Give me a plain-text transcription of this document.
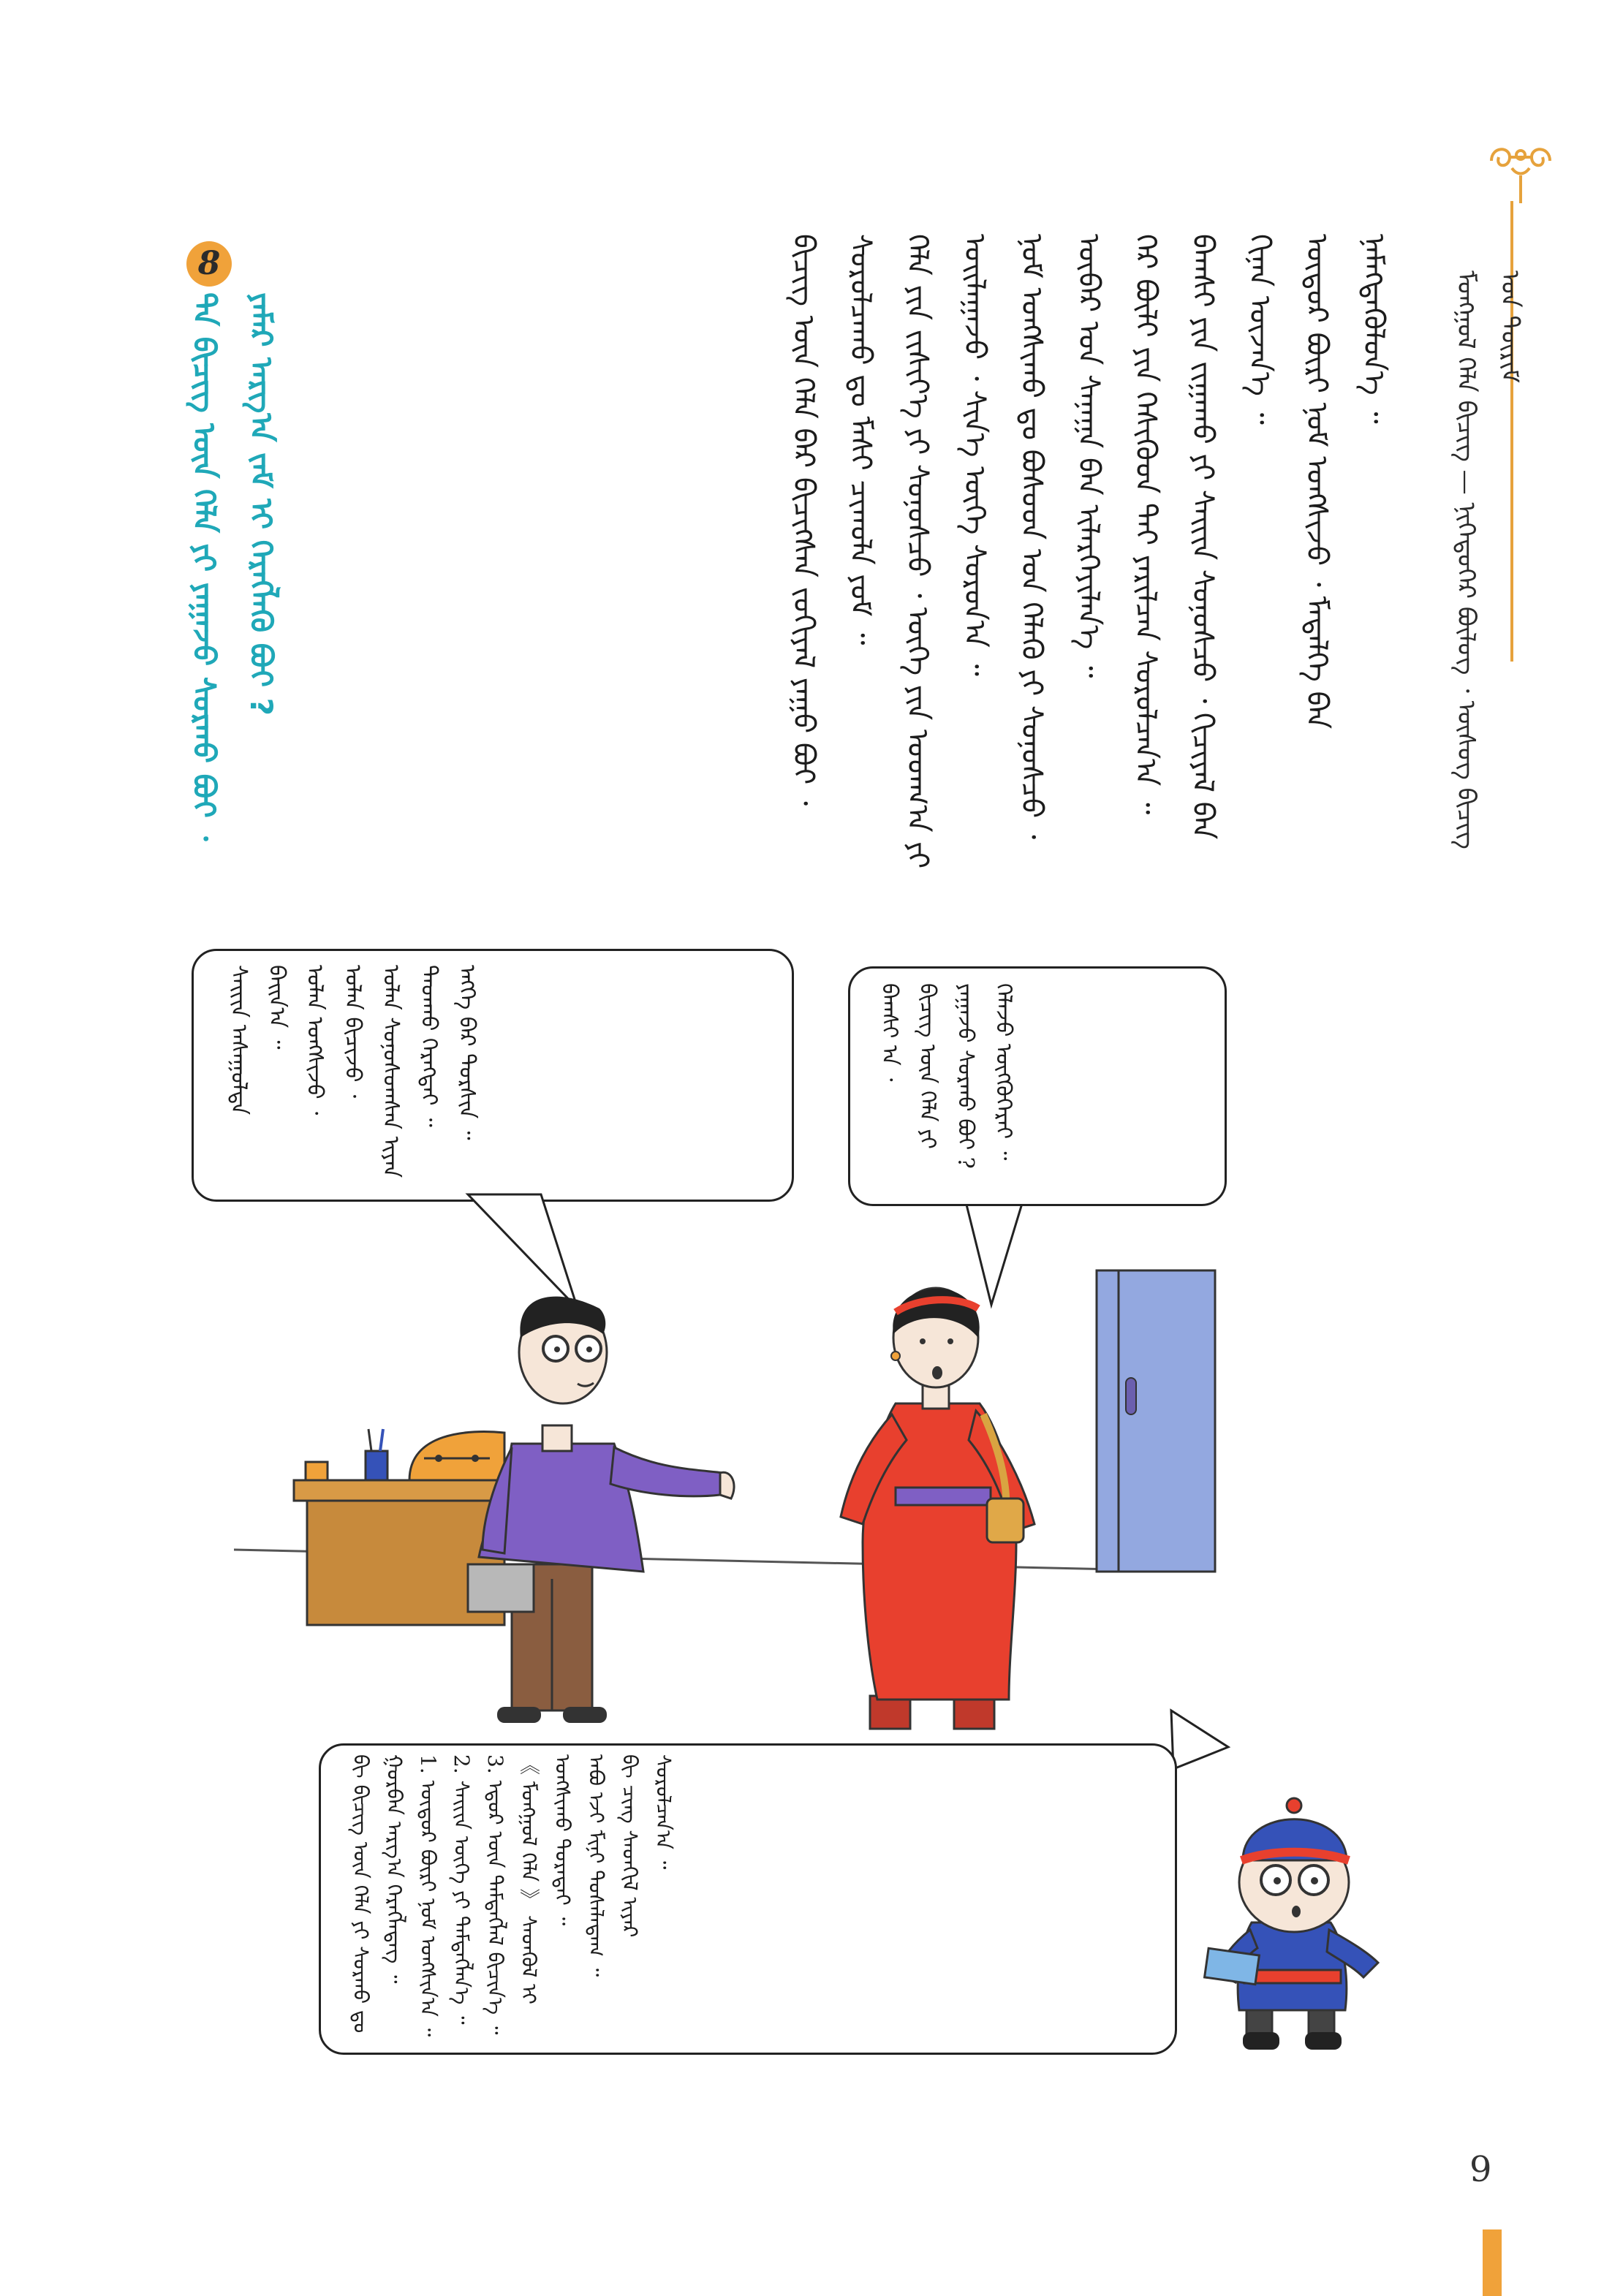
ᠮᠣᠩᠭᠣᠯ ᠬᠡᠯᠡ ᠪᠢᠴᠢᠭ — ᠨᠢᠭᠡᠳᠦᠭᠡᠷ ᠪᠦᠯᠦᠭ ᠂ ᠦᠰᠦᠭ ᠪᠢᠴᠢᠭ ᠤᠨ ᠳᠦᠷᠢᠮ

ᠪᠢᠴᠢᠭ ᠦᠨ ᠬᠡᠯᠡ ᠪᠡᠷ ᠪᠢᠴᠢᠭᠰᠡᠨ ᠵᠣᠬᠢᠶᠠᠯ ᠶᠠᠭᠤ ᠪᠣᠢ ᠂ ᠰᠤᠷᠤᠯᠴᠠᠬᠤ ᠳᠤ ᠮᠠᠰᠢ ᠴᠢᠬᠤᠯᠠ ᠶᠤᠮ ᠃ ᠬᠡᠯᠡ ᠶᠢᠨ ᠵᠢᠱᠢᠶ᠎ᠡ ᠶᠢ ᠰᠣᠨᠣᠰᠴᠤ ᠂ ᠦᠭᠡ ᠶᠢᠨ ᠤᠳᠬ᠎ᠠ ᠶᠢ ᠣᠢᠯᠠᠭᠠᠵᠤ ᠂ ᠰᠢᠨ᠎ᠡ ᠦᠭᠡ ᠰᠤᠷᠤᠨ᠎ᠠ ᠃ ᠨᠤᠮ ᠤᠩᠰᠢᠬᠤ ᠳᠤ ᠪᠤᠰᠤᠳ ᠤᠨ ᠬᠡᠯᠡᠬᠦ ᠶᠢ ᠰᠣᠨᠣᠰᠴᠤ ᠂ ᠥᠪᠡᠷ ᠤᠨ ᠰᠠᠨᠠᠭᠠ ᠪᠠᠨ ᠢᠯᠡᠷᠬᠡᠶᠢᠯᠡᠨ᠎ᠡ ᠃ ᠭᠡᠷ ᠪᠦᠯᠢ ᠶᠢᠨ ᠭᠡᠰᠢᠭᠦᠳ ᠲᠡᠢ ᠶᠠᠷᠢᠯᠴᠠᠨ ᠰᠤᠷᠤᠯᠴᠠᠨ᠎ᠠ ᠃ ᠪᠠᠭᠰᠢ ᠶᠢᠨ ᠵᠢᠭᠠᠬᠤ ᠶᠢ ᠰᠠᠢᠢᠨ ᠰᠣᠨᠣᠰᠴᠤ ᠂ ᠬᠢᠴᠢᠶᠡᠯ ᠪᠡᠨ ᠬᠢᠨᠠᠨ ᠦᠵᠡᠨ᠎ᠡ ᠃ ᠥᠳᠥᠷ ᠪᠦᠷᠢ ᠨᠣᠮ ᠤᠩᠰᠢᠵᠤ ᠂ ᠮᠡᠳᠡᠯᠭᠡ ᠪᠡᠨ ᠨᠡᠮᠡᠭᠳᠡᠭᠦᠯᠦᠨ᠎ᠡ ᠃

8

ᠲᠠ ᠪᠢᠴᠢᠭ ᠦᠨ ᠬᠡᠯᠡ ᠶᠢ ᠶᠠᠭᠠᠵᠤ ᠰᠤᠷᠬᠤ ᠪᠤᠢ ᠂ ᠶᠠᠮᠠᠷ ᠠᠷᠭ᠎ᠠ ᠵᠠᠮ ᠢ ᠬᠡᠷᠡᠭᠯᠡᠬᠦ ᠪᠤᠢ ?

ᠰᠠᠢᠢᠨ ᠠᠰᠠᠭᠤᠯᠳᠠ ᠪᠠᠢᠨ᠎ᠠ ᠃ ᠣᠯᠠᠨ ᠤᠩᠰᠢᠵᠤ ᠂ ᠣᠯᠠᠨ ᠪᠢᠴᠢᠵᠦ ᠂ ᠣᠯᠠᠨ ᠰᠣᠨᠣᠰᠤᠭᠰᠠᠨ ᠢᠶᠠᠨ ᠳᠠᠳᠬᠤ ᠬᠡᠷᠡᠭᠲᠡᠢ ᠃ ᠡᠩᠭᠡ ᠪᠡᠷ ᠲᠤᠷᠰᠢᠨ ᠃	ᠪᠠᠭᠰᠢ ᠠ ᠂ ᠪᠢᠴᠢᠭ ᠦᠨ ᠬᠡᠯᠡ ᠶᠢ ᠶᠠᠭᠠᠵᠤ ᠰᠤᠷᠬᠤ ᠪᠤᠢ ? ᠬᠡᠯᠡᠵᠦ ᠥᠭᠭᠦᠭᠡᠷᠡᠢ ᠃

ᠪᠢ ᠪᠢᠴᠢᠭ ᠦᠨ ᠬᠡᠯᠡ ᠶᠢ ᠰᠤᠷᠬᠤ ᠳᠤ ᠭᠤᠷᠪᠠᠨ ᠠᠷᠭ᠎ᠠ ᠬᠡᠷᠡᠭᠯᠡᠳᠡᠭ ᠃ 1. ᠥᠳᠥᠷ ᠪᠦᠷᠢ ᠨᠣᠮ ᠤᠩᠰᠢᠨ᠎ᠠ ᠃ 2. ᠰᠠᠢᠢᠨ ᠦᠭᠡ ᠶᠢ ᠲᠡᠮᠳᠡᠭᠯᠡᠨ᠎ᠡ ᠃ 3. ᠡᠳᠦᠷ ᠦᠨ ᠲᠡᠮᠳᠡᠭᠯᠡᠯ ᠪᠢᠴᠢᠨ᠎ᠡ ᠃ 《 ᠮᠣᠩᠭᠣᠯ ᠬᠡᠯᠡ 》 ᠰᠡᠳᠬᠦᠯ ᠢ ᠤᠩᠰᠢᠬᠤ ᠳᠤᠷᠠᠲᠠᠢ ᠃ ᠠᠪᠤ ᠡᠵᠢ ᠮᠢᠨᠢ ᠲᠤᠰᠠᠯᠠᠳᠠᠭ ᠃ ᠪᠢ ᠴᠢᠩ ᠰᠡᠳᠬᠢᠯ ᠢᠶᠡᠷ ᠰᠤᠷᠤᠯᠴᠠᠨ᠎ᠠ ᠃

9
